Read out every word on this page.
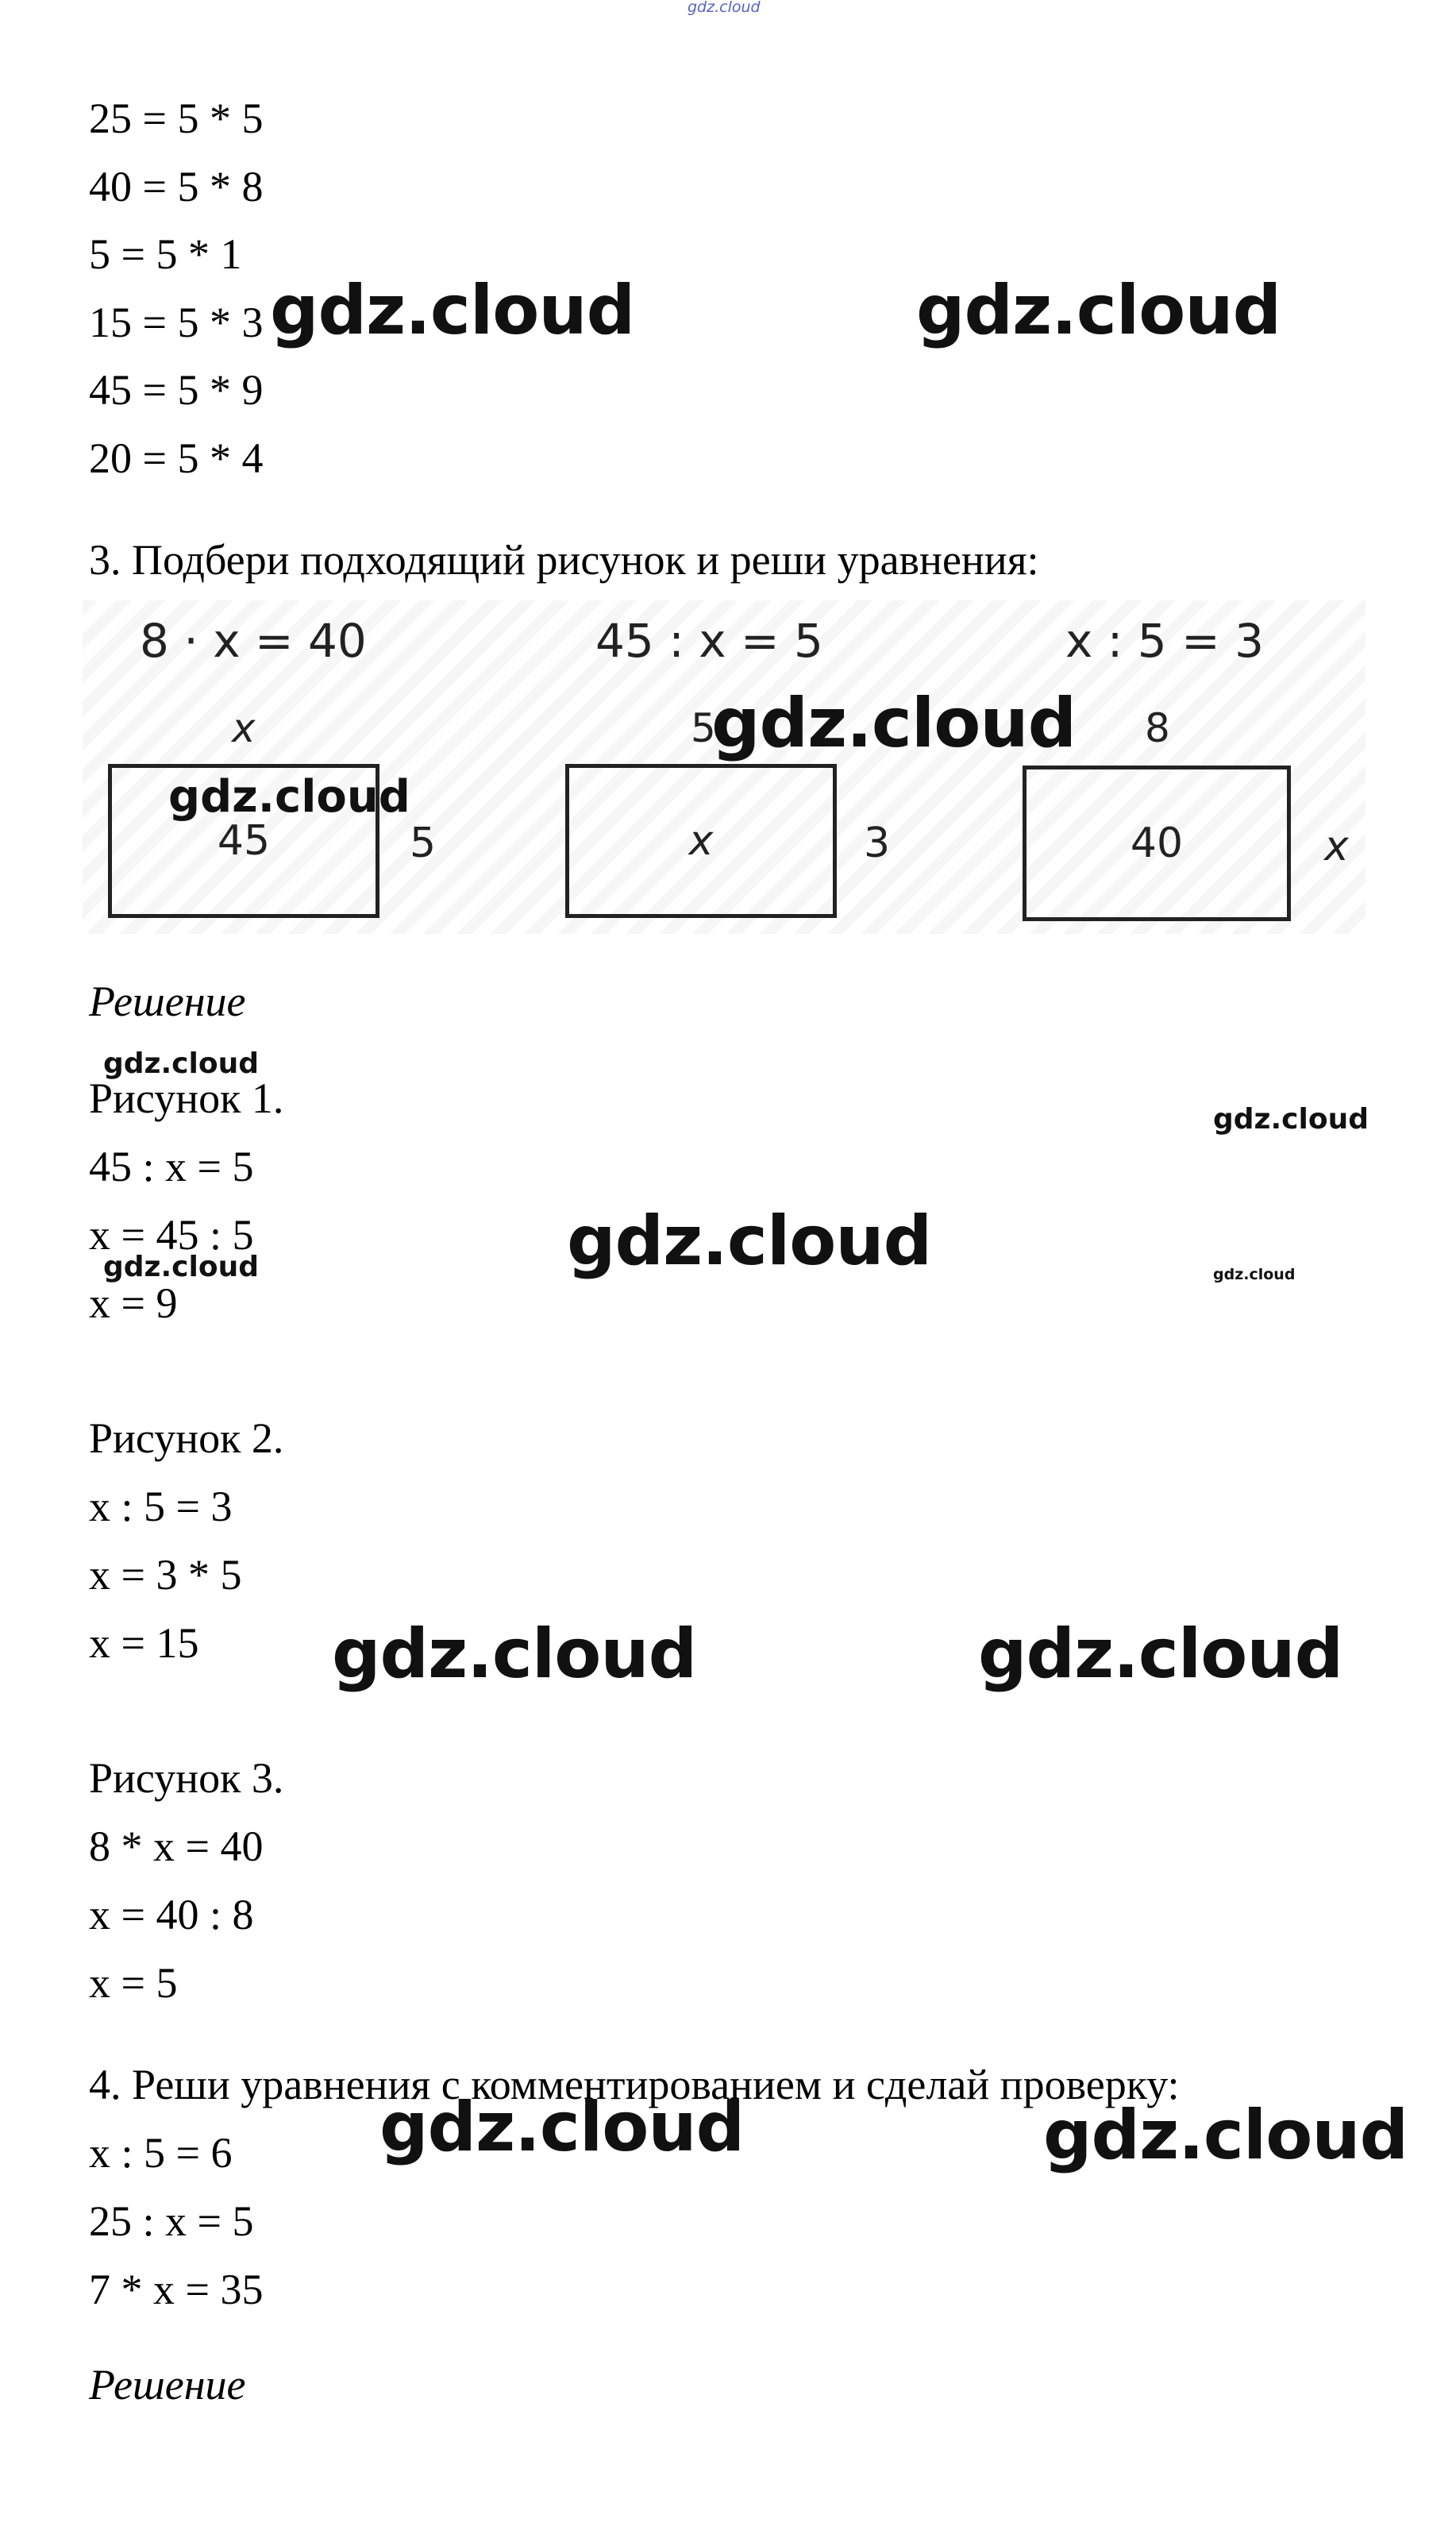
gdz.cloud
25 = 5 * 5
40 = 5 * 8
5 = 5 * 1
15 = 5 * 3
45 = 5 * 9
20 = 5 * 4
3. Подбери подходящий рисунок и реши уравнения:
8 · x = 40	45 : x = 5	x : 5 = 3
x
45	5
5
x	3
8
40	x
Решение
Рисунок 1.
45 : x = 5
x = 45 : 5
x = 9
Рисунок 2.
x : 5 = 3
x = 3 * 5
x = 15
Рисунок 3.
8 * x = 40
x = 40 : 8
x = 5
4. Реши уравнения с комментированием и сделай проверку:
x : 5 = 6
25 : x = 5
7 * x = 35
Решение
gdz.cloud	gdz.cloud
gdz.cloud
gdz.cloud
gdz.cloud
gdz.cloud
gdz.cloud
gdz.cloud	gdz.cloud
gdz.cloud	gdz.cloud
gdz.cloud	gdz.cloud
